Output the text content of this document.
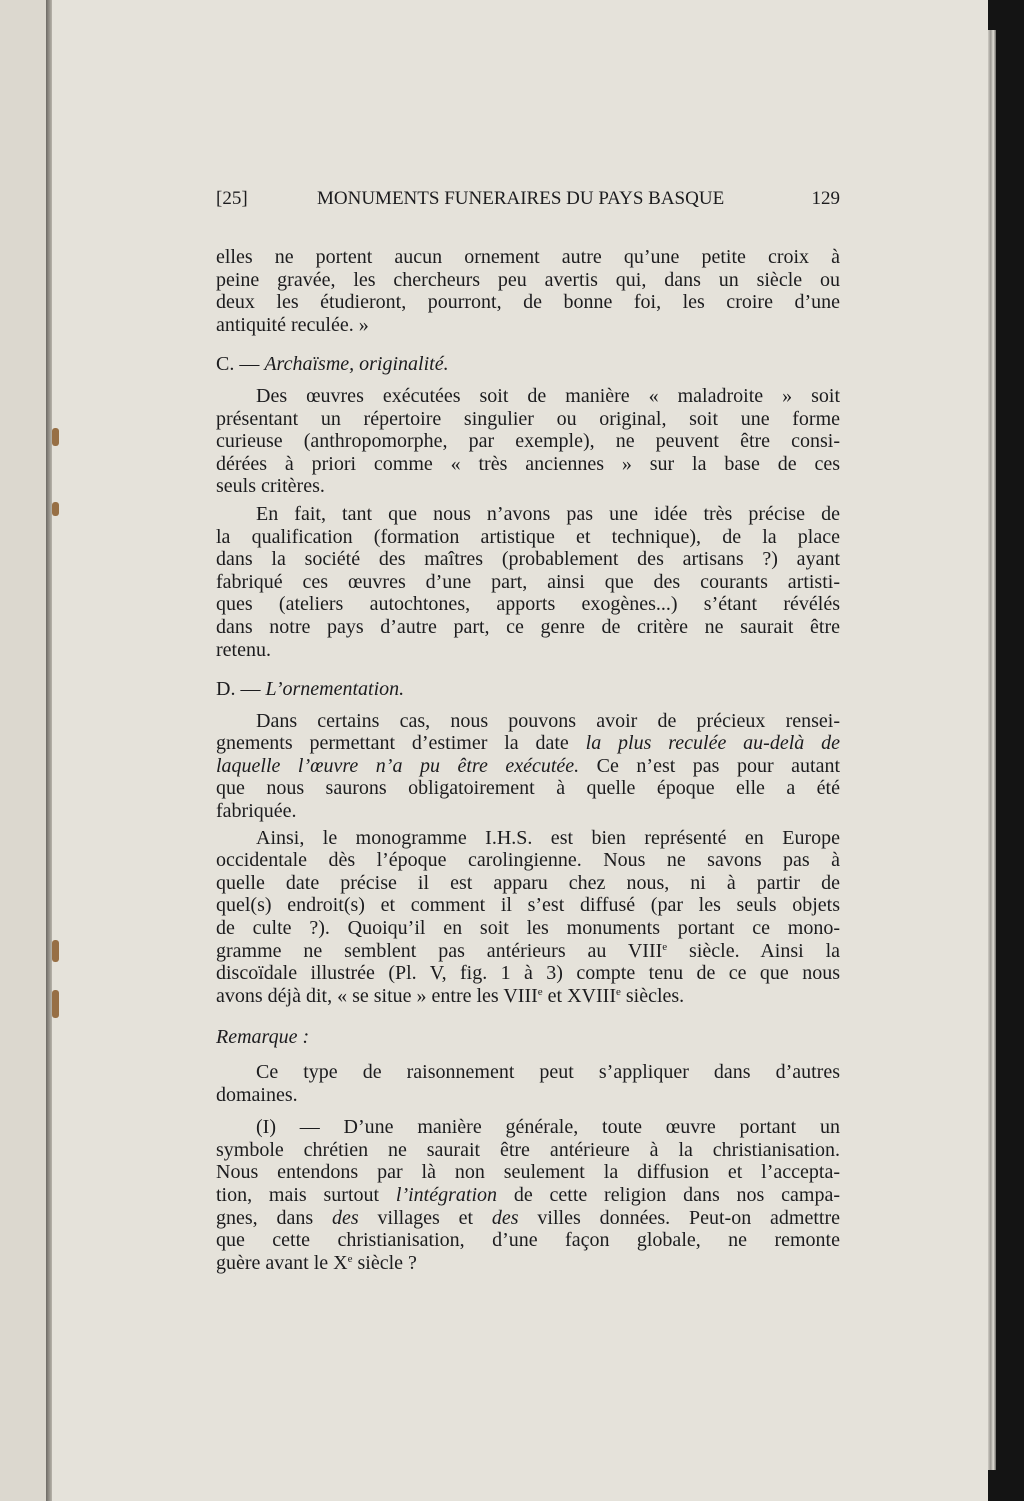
[25]	MONUMENTS FUNERAIRES DU PAYS BASQUE	129
elles ne portent aucun ornement autre qu’une petite croix à
peine gravée, les chercheurs peu avertis qui, dans un siècle ou
deux les étudieront, pourront, de bonne foi, les croire d’une
antiquité reculée. »
C. — Archaïsme, originalité.
Des œuvres exécutées soit de manière « maladroite » soit
présentant un répertoire singulier ou original, soit une forme
curieuse (anthropomorphe, par exemple), ne peuvent être consi-
dérées à priori comme « très anciennes » sur la base de ces
seuls critères.
En fait, tant que nous n’avons pas une idée très précise de
la qualification (formation artistique et technique), de la place
dans la société des maîtres (probablement des artisans ?) ayant
fabriqué ces œuvres d’une part, ainsi que des courants artisti-
ques (ateliers autochtones, apports exogènes...) s’étant révélés
dans notre pays d’autre part, ce genre de critère ne saurait être
retenu.
D. — L’ornementation.
Dans certains cas, nous pouvons avoir de précieux rensei-
gnements permettant d’estimer la date la plus reculée au-delà de
laquelle l’œuvre n’a pu être exécutée. Ce n’est pas pour autant
que nous saurons obligatoirement à quelle époque elle a été
fabriquée.
Ainsi, le monogramme I.H.S. est bien représenté en Europe
occidentale dès l’époque carolingienne. Nous ne savons pas à
quelle date précise il est apparu chez nous, ni à partir de
quel(s) endroit(s) et comment il s’est diffusé (par les seuls objets
de culte ?). Quoiqu’il en soit les monuments portant ce mono-
gramme ne semblent pas antérieurs au VIIIe siècle. Ainsi la
discoïdale illustrée (Pl. V, fig. 1 à 3) compte tenu de ce que nous
avons déjà dit, « se situe » entre les VIIIe et XVIIIe siècles.
Remarque :
Ce type de raisonnement peut s’appliquer dans d’autres
domaines.
(I) — D’une manière générale, toute œuvre portant un
symbole chrétien ne saurait être antérieure à la christianisation.
Nous entendons par là non seulement la diffusion et l’accepta-
tion, mais surtout l’intégration de cette religion dans nos campa-
gnes, dans des villages et des villes données. Peut-on admettre
que cette christianisation, d’une façon globale, ne remonte
guère avant le Xe siècle ?
